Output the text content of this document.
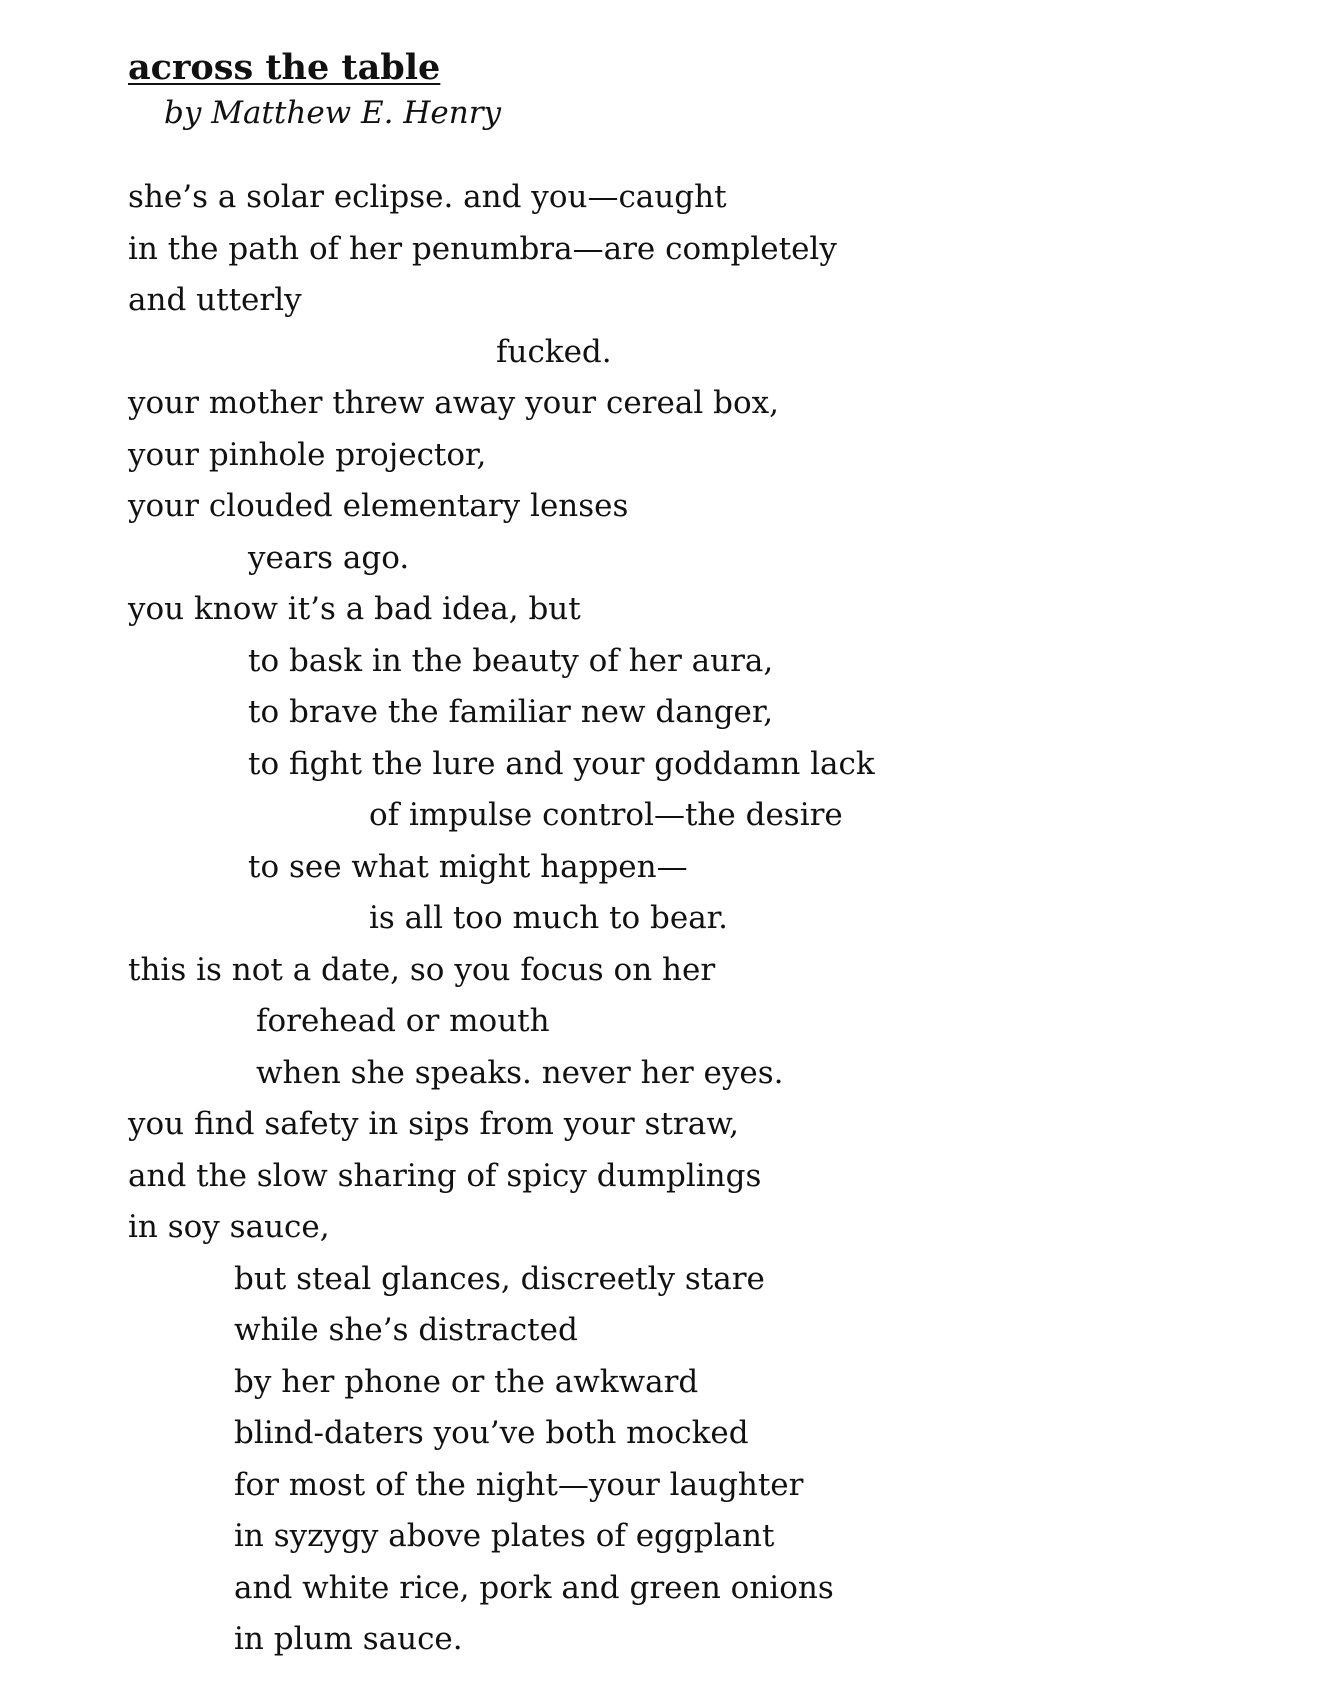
across the table
by Matthew E. Henry
she’s a solar eclipse. and you—caught
in the path of her penumbra—are completely
and utterly
fucked.
your mother threw away your cereal box,
your pinhole projector,
your clouded elementary lenses
years ago.
you know it’s a bad idea, but
to bask in the beauty of her aura,
to brave the familiar new danger,
to fight the lure and your goddamn lack
of impulse control—the desire
to see what might happen—
is all too much to bear.
this is not a date, so you focus on her
forehead or mouth
when she speaks. never her eyes.
you find safety in sips from your straw,
and the slow sharing of spicy dumplings
in soy sauce,
but steal glances, discreetly stare
while she’s distracted
by her phone or the awkward
blind-daters you’ve both mocked
for most of the night—your laughter
in syzygy above plates of eggplant
and white rice, pork and green onions
in plum sauce.
